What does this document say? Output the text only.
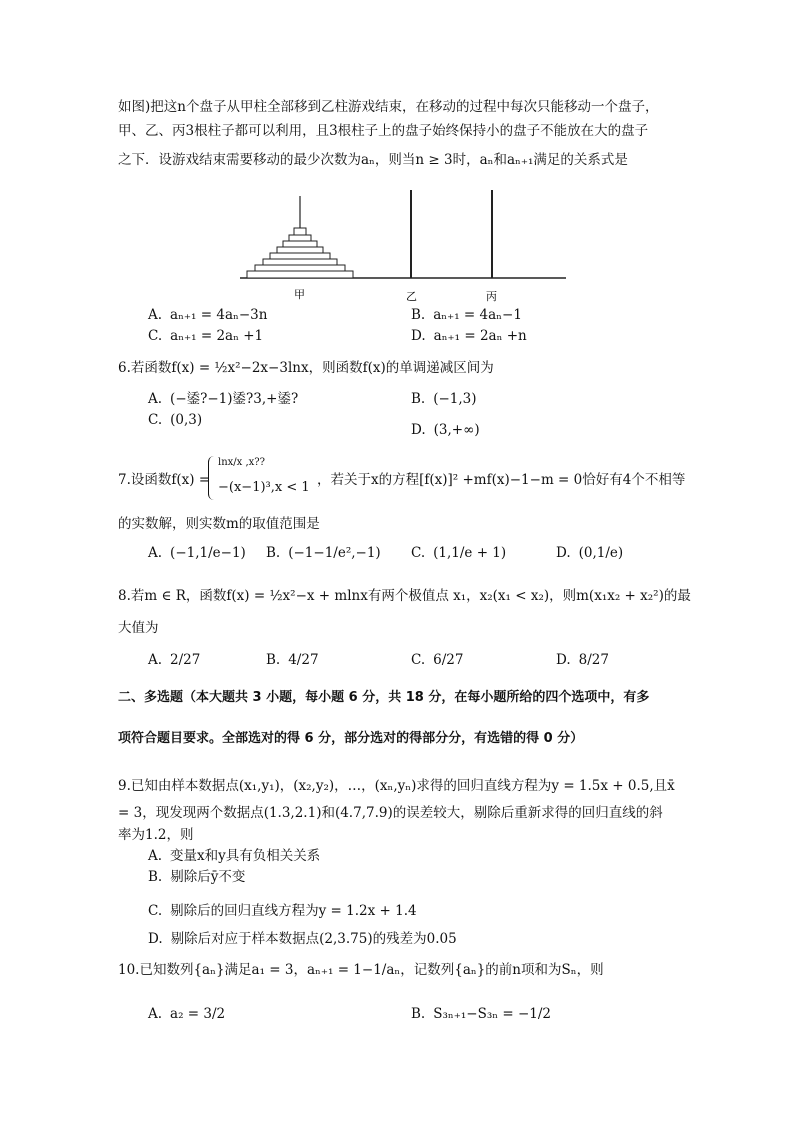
如图)把这n个盘子从甲柱全部移到乙柱游戏结束，在移动的过程中每次只能移动一个盘子，
甲、乙、丙3根柱子都可以利用，且3根柱子上的盘子始终保持小的盘子不能放在大的盘子
之下．设游戏结束需要移动的最少次数为aₙ，则当n ≥ 3时，aₙ和aₙ₊₁满足的关系式是
甲	乙	丙
A. aₙ₊₁ = 4aₙ−3n	B. aₙ₊₁ = 4aₙ−1
C. aₙ₊₁ = 2aₙ +1	D. aₙ₊₁ = 2aₙ +n
6.若函数f(x) = ½x²−2x−3lnx，则函数f(x)的单调递减区间为
A. (−鋈?−1)鋈?3,+鋈?	B. (−1,3)
C. (0,3)
D. (3,+∞)
7.设函数f(x) =
lnx/x ,x??
−(x−1)³,x < 1 ，若关于x的方程[f(x)]² +mf(x)−1−m = 0恰好有4个不相等
的实数解，则实数m的取值范围是
A. (−1,1/e−1) B. (−1−1/e²,−1) C. (1,1/e + 1)	D. (0,1/e)
8.若m ∈ R，函数f(x) = ½x²−x + mlnx有两个极值点 x₁，x₂(x₁ < x₂)，则m(x₁x₂ + x₂²)的最
大值为
A. 2/27	B. 4/27	C. 6/27	D. 8/27
二、多选题（本大题共 3 小题，每小题 6 分，共 18 分，在每小题所给的四个选项中，有多
项符合题目要求。全部选对的得 6 分，部分选对的得部分分，有选错的得 0 分）
9.已知由样本数据点(x₁,y₁)，(x₂,y₂)，…，(xₙ,yₙ)求得的回归直线方程为y = 1.5x + 0.5,且x̄
= 3，现发现两个数据点(1.3,2.1)和(4.7,7.9)的误差较大，剔除后重新求得的回归直线的斜
率为1.2，则
A. 变量x和y具有负相关关系
B. 剔除后ȳ不变
C. 剔除后的回归直线方程为y = 1.2x + 1.4
D. 剔除后对应于样本数据点(2,3.75)的残差为0.05
10.已知数列{aₙ}满足a₁ = 3，aₙ₊₁ = 1−1/aₙ，记数列{aₙ}的前n项和为Sₙ，则
A. a₂ = 3/2	B. S₃ₙ₊₁−S₃ₙ = −1/2
